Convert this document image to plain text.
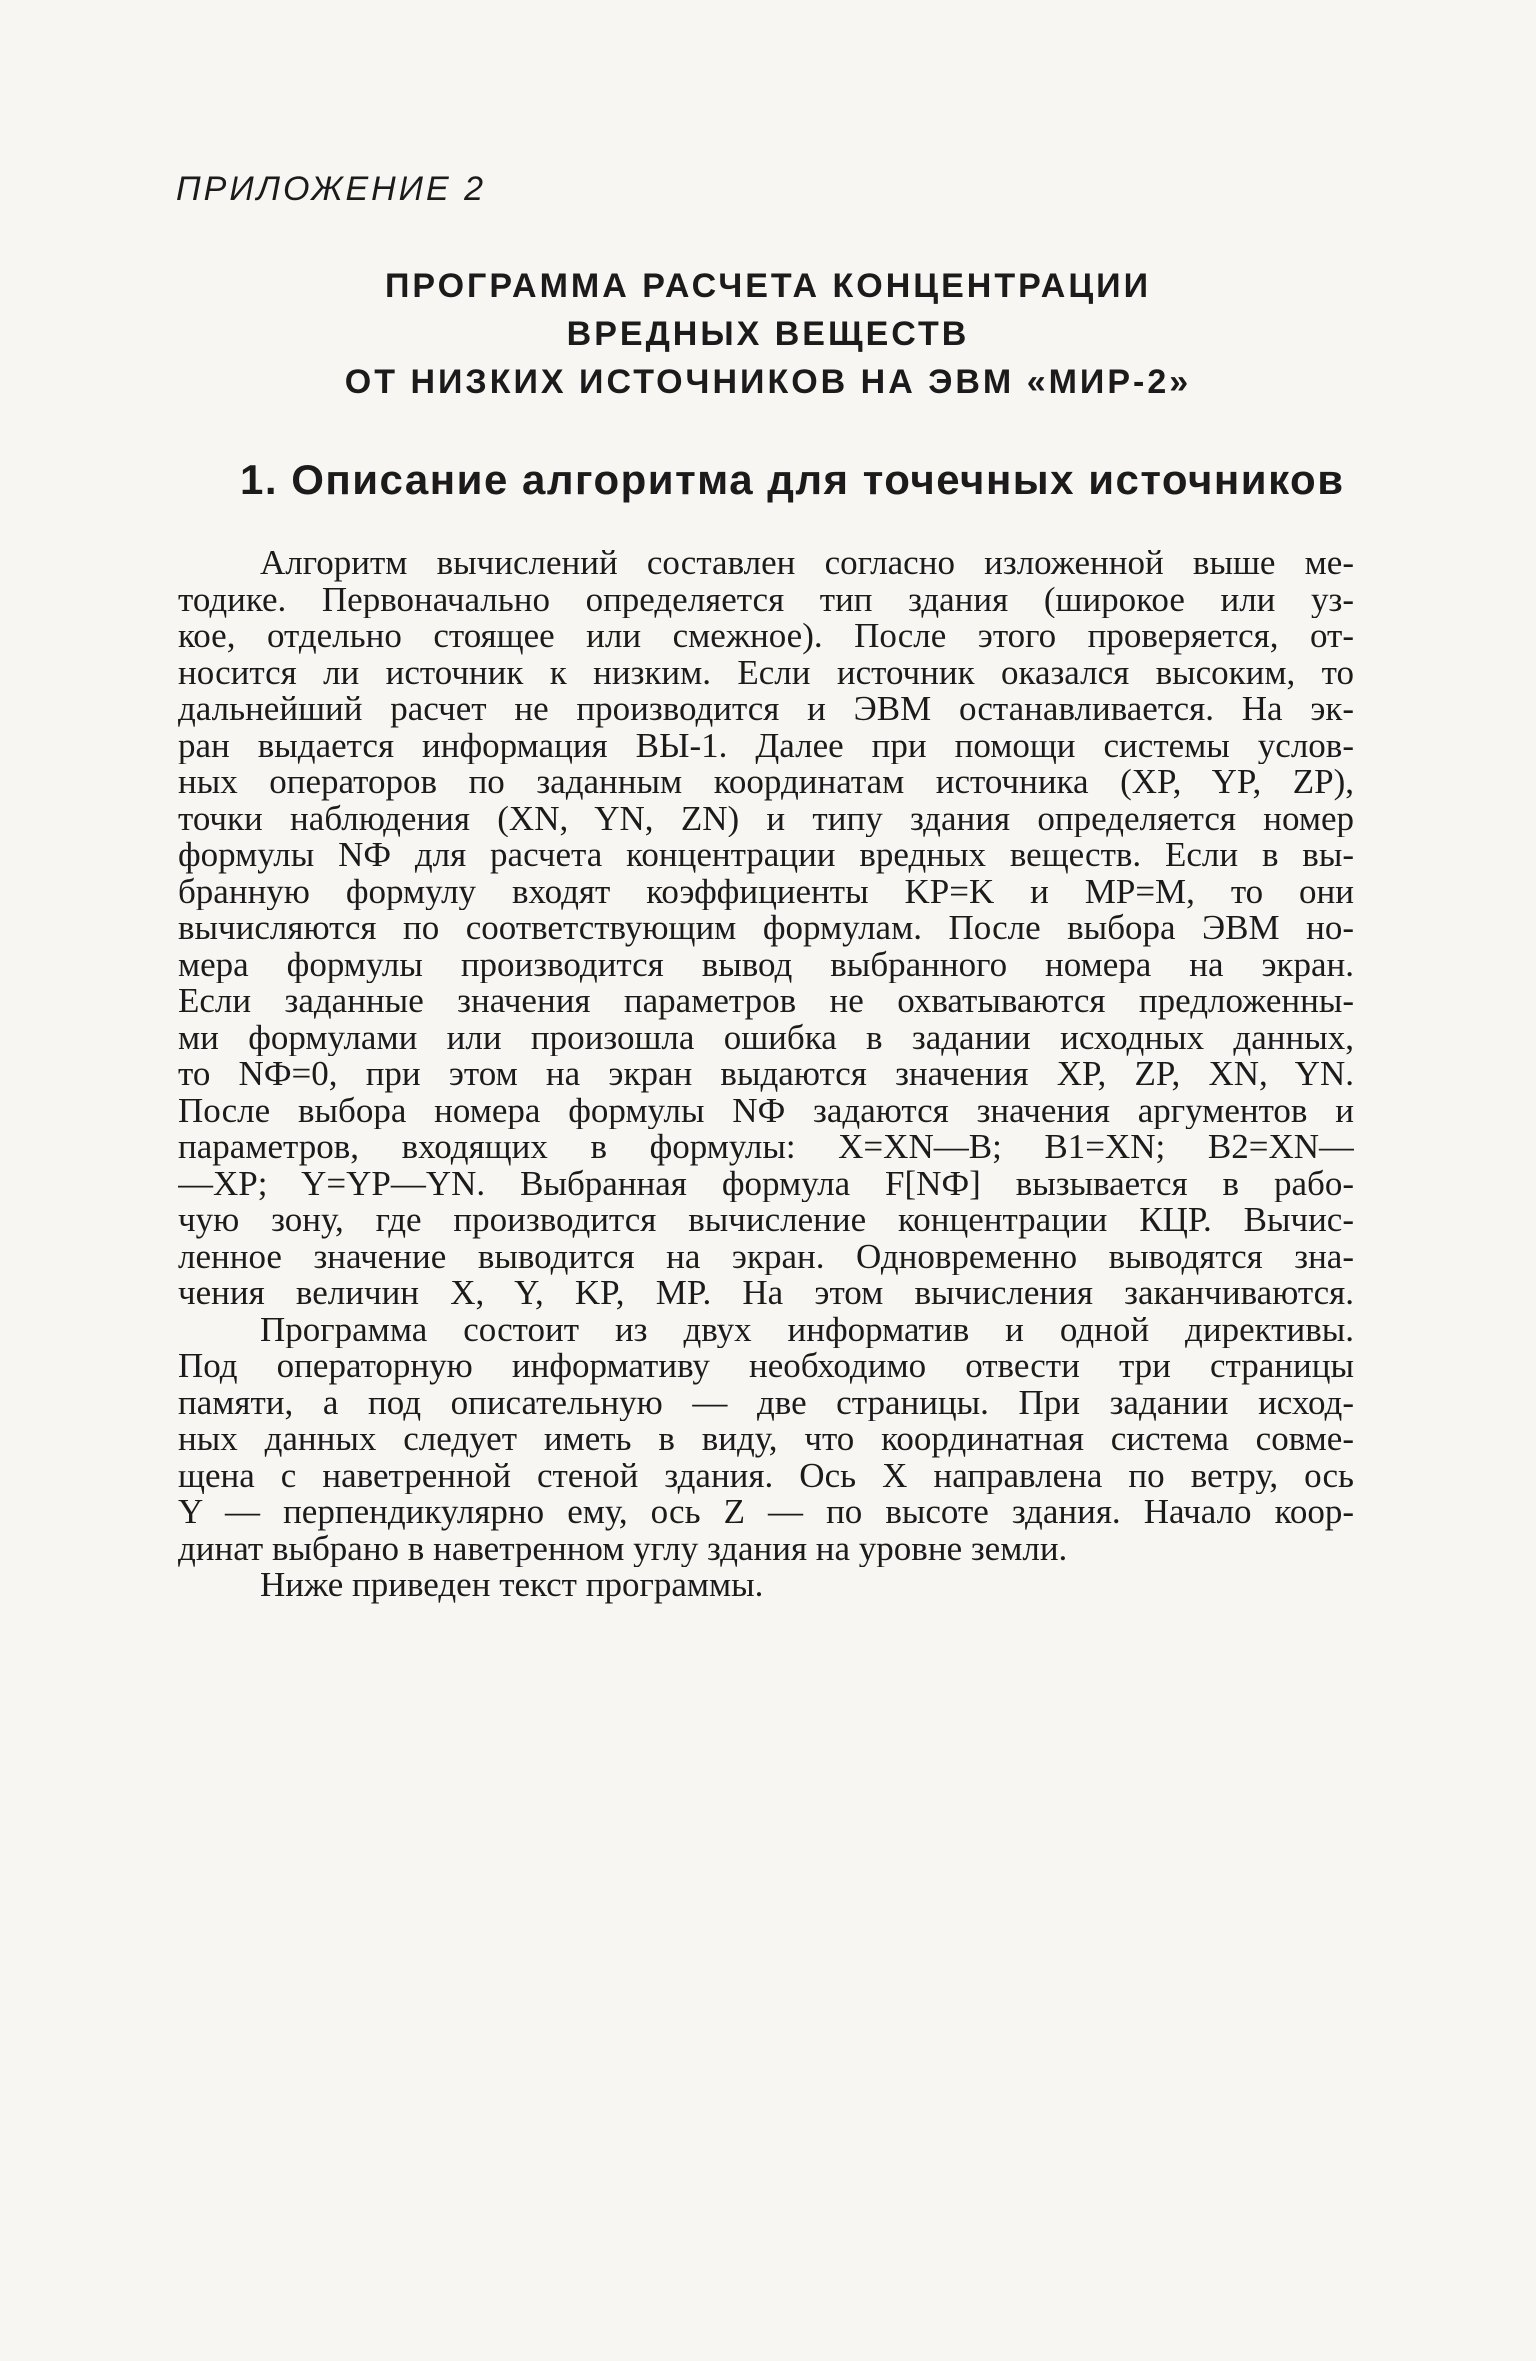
ПРИЛОЖЕНИЕ 2
ПРОГРАММА РАСЧЕТА КОНЦЕНТРАЦИИ
ВРЕДНЫХ ВЕЩЕСТВ
ОТ НИЗКИХ ИСТОЧНИКОВ НА ЭВМ «МИР-2»
1. Описание алгоритма для точечных источников
Алгоритм вычислений составлен согласно изложенной выше ме-
тодике. Первоначально определяется тип здания (широкое или уз-
кое, отдельно стоящее или смежное). После этого проверяется, от-
носится ли источник к низким. Если источник оказался высоким, то
дальнейший расчет не производится и ЭВМ останавливается. На эк-
ран выдается информация ВЫ-1. Далее при помощи системы услов-
ных операторов по заданным координатам источника (XP, YP, ZP),
точки наблюдения (XN, YN, ZN) и типу здания определяется номер
формулы NФ для расчета концентрации вредных веществ. Если в вы-
бранную формулу входят коэффициенты KP=K и MP=M, то они
вычисляются по соответствующим формулам. После выбора ЭВМ но-
мера формулы производится вывод выбранного номера на экран.
Если заданные значения параметров не охватываются предложенны-
ми формулами или произошла ошибка в задании исходных данных,
то NФ=0, при этом на экран выдаются значения XP, ZP, XN, YN.
После выбора номера формулы NФ задаются значения аргументов и
параметров, входящих в формулы: X=XN—B; B1=XN; B2=XN—
—XP; Y=YP—YN. Выбранная формула F[NФ] вызывается в рабо-
чую зону, где производится вычисление концентрации КЦР. Вычис-
ленное значение выводится на экран. Одновременно выводятся зна-
чения величин X, Y, KP, MP. На этом вычисления заканчиваются.
Программа состоит из двух информатив и одной директивы.
Под операторную информативу необходимо отвести три страницы
памяти, а под описательную — две страницы. При задании исход-
ных данных следует иметь в виду, что координатная система совме-
щена с наветренной стеной здания. Ось X направлена по ветру, ось
Y — перпендикулярно ему, ось Z — по высоте здания. Начало коор-
динат выбрано в наветренном углу здания на уровне земли.
Ниже приведен текст программы.
